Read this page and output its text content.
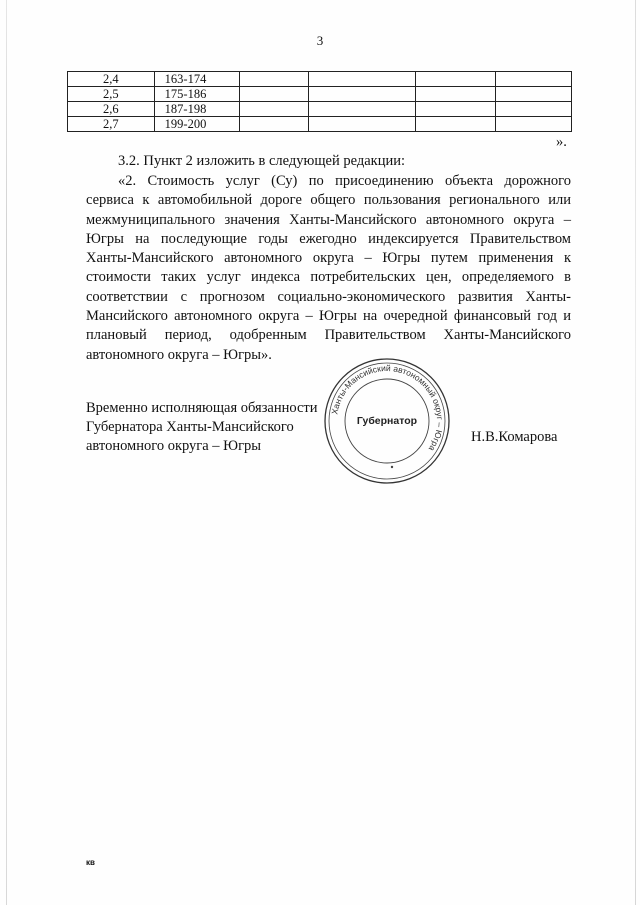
3
2,4	163-174				
2,5	175-186				
2,6	187-198				
2,7	199-200				
».
3.2. Пункт 2 изложить в следующей редакции:
«2. Стоимость услуг (Су) по присоединению объекта дорожного
сервиса к автомобильной дороге общего пользования регионального или
межмуниципального значения Ханты-Мансийского автономного округа –
Югры на последующие годы ежегодно индексируется Правительством
Ханты-Мансийского автономного округа – Югры путем применения к
стоимости таких услуг индекса потребительских цен, определяемого в
соответствии с прогнозом социально-экономического развития Ханты-
Мансийского автономного округа – Югры на очередной финансовый год и
плановый период, одобренным Правительством Ханты-Мансийского
автономного округа – Югры».
Временно исполняющая обязанности
Губернатора Ханты-Мансийского
автономного округа – Югры
Ханты-Мансийский автономный округ – Югра
Губернатор
Н.В.Комарова
кв
